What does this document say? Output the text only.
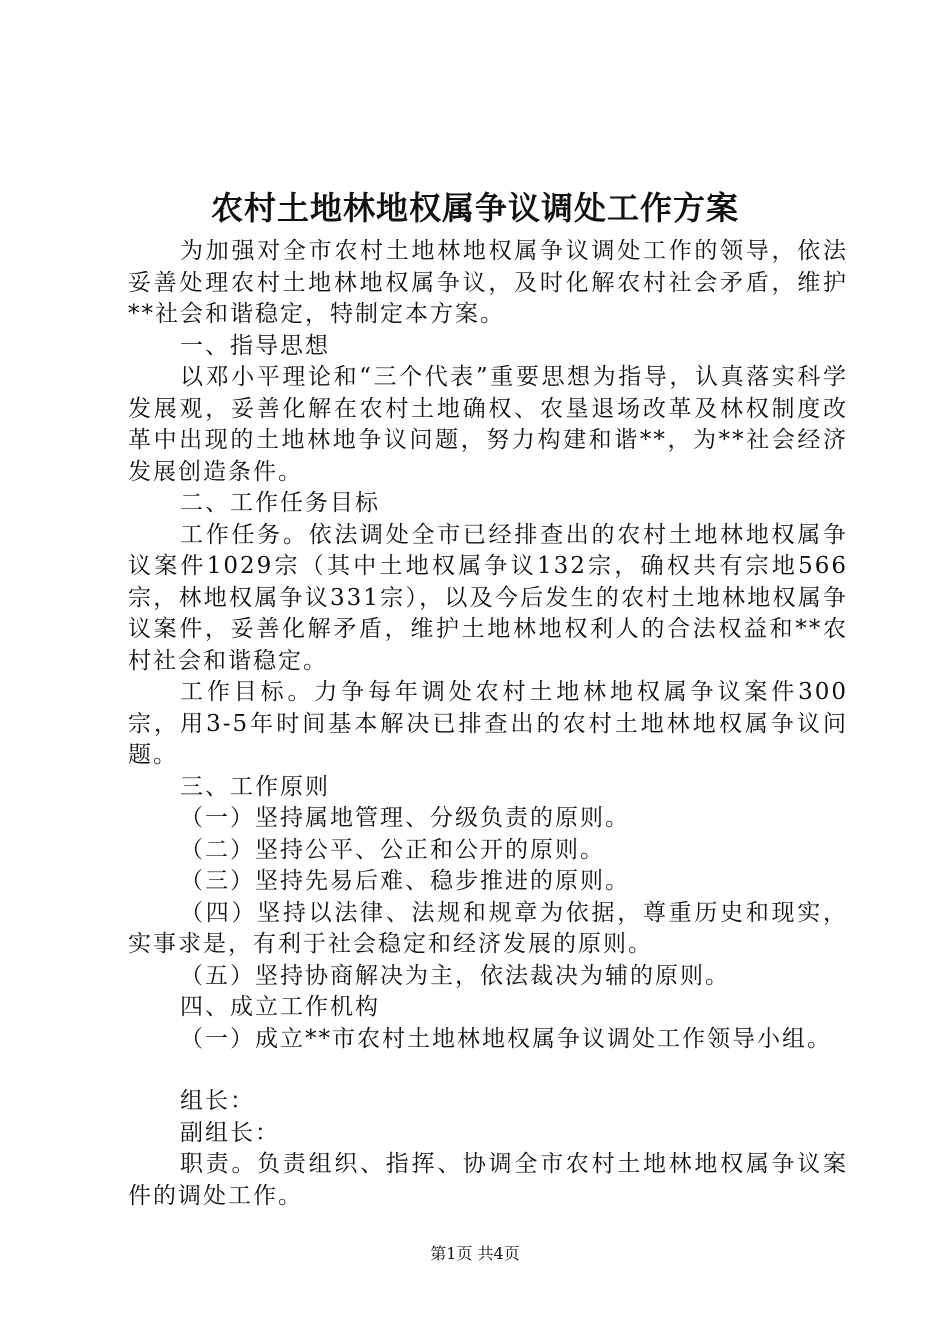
农村土地林地权属争议调处工作方案

为加强对全市农村土地林地权属争议调处工作的领导，依法妥善处理农村土地林地权属争议，及时化解农村社会矛盾，维护**社会和谐稳定，特制定本方案。

一、指导思想

以邓小平理论和“三个代表”重要思想为指导，认真落实科学发展观，妥善化解在农村土地确权、农垦退场改革及林权制度改革中出现的土地林地争议问题，努力构建和谐**，为**社会经济发展创造条件。

二、工作任务目标

工作任务。依法调处全市已经排查出的农村土地林地权属争议案件1029宗（其中土地权属争议132宗，确权共有宗地566宗，林地权属争议331宗），以及今后发生的农村土地林地权属争议案件，妥善化解矛盾，维护土地林地权利人的合法权益和**农村社会和谐稳定。

工作目标。力争每年调处农村土地林地权属争议案件300宗，用3-5年时间基本解决已排查出的农村土地林地权属争议问题。

三、工作原则

（一）坚持属地管理、分级负责的原则。

（二）坚持公平、公正和公开的原则。

（三）坚持先易后难、稳步推进的原则。

（四）坚持以法律、法规和规章为依据，尊重历史和现实，实事求是，有利于社会稳定和经济发展的原则。

（五）坚持协商解决为主，依法裁决为辅的原则。

四、成立工作机构

（一）成立**市农村土地林地权属争议调处工作领导小组。

组长：

副组长：

职责。负责组织、指挥、协调全市农村土地林地权属争议案件的调处工作。

第1页 共4页
